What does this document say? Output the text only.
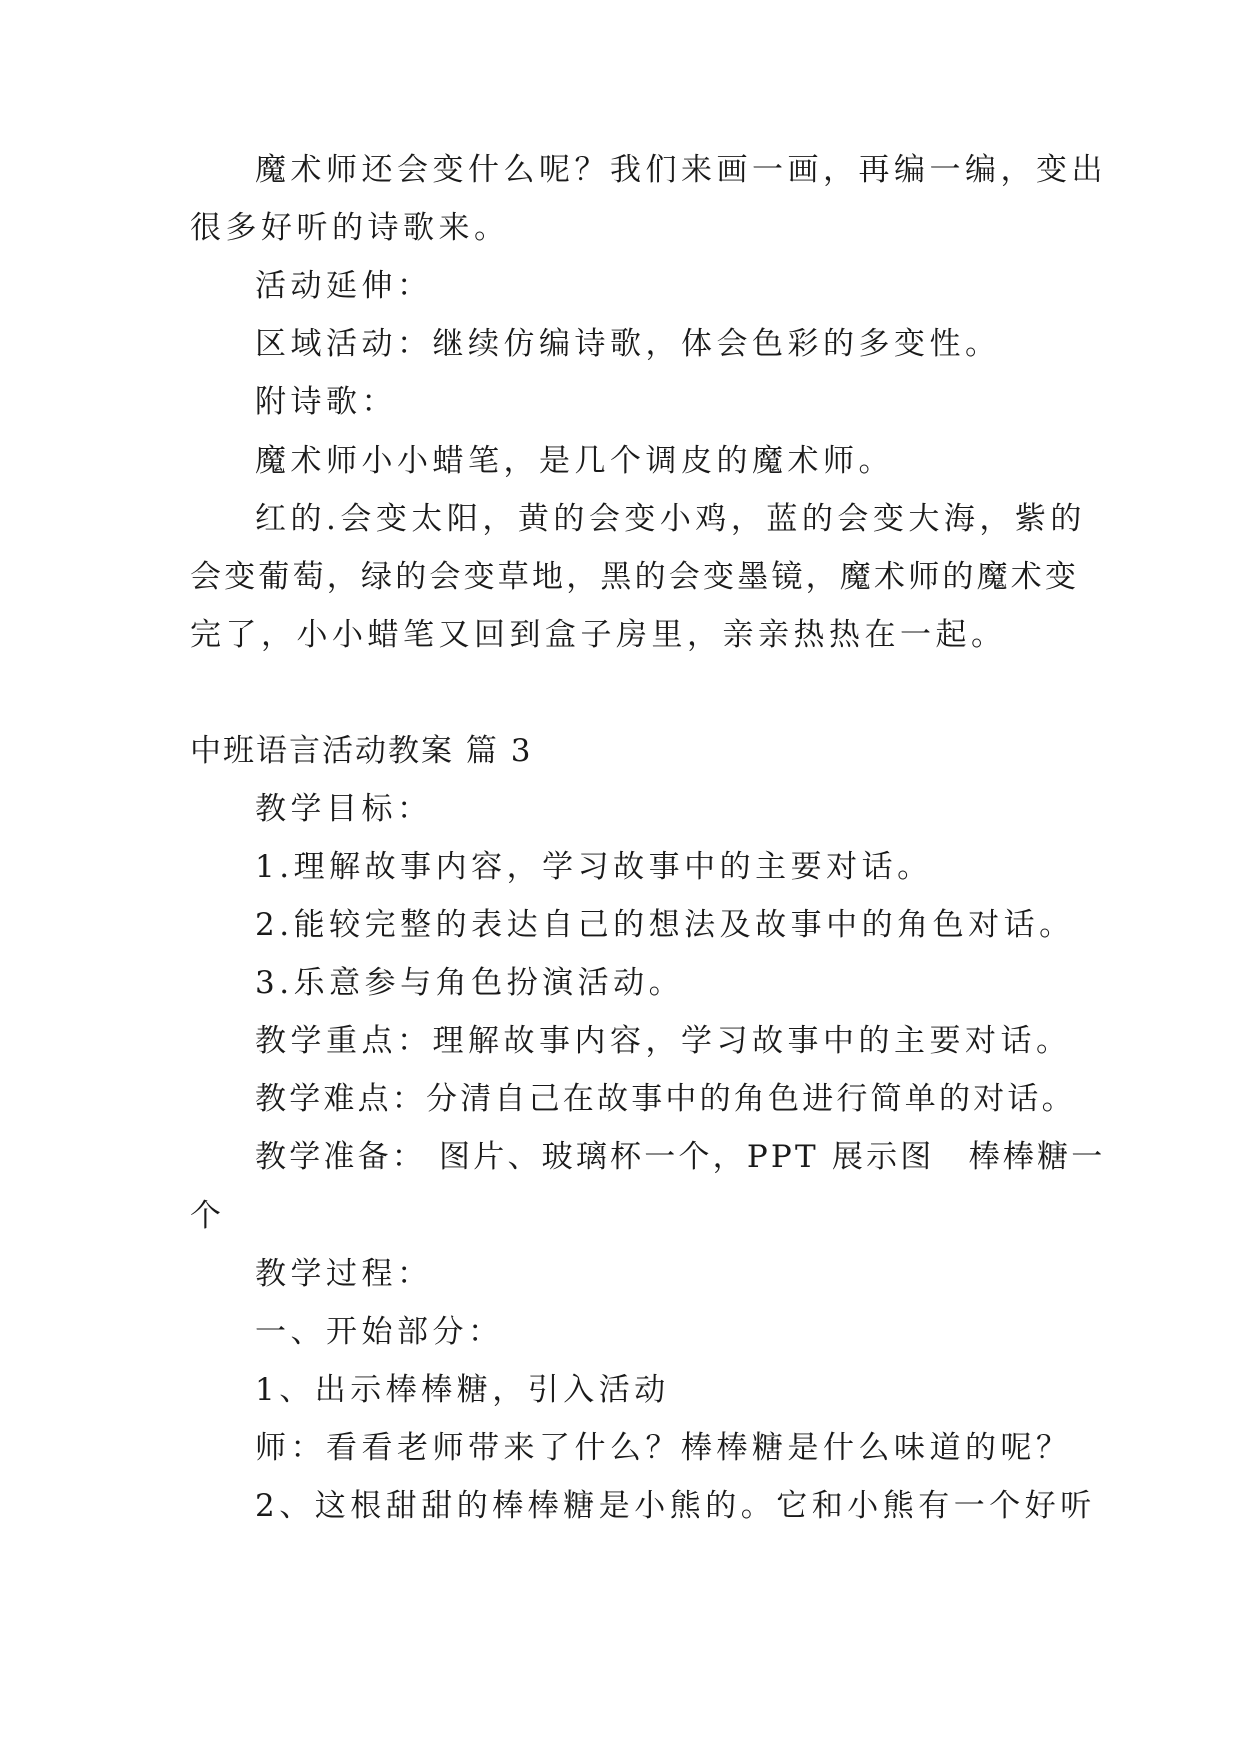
魔术师还会变什么呢？我们来画一画，再编一编，变出
很多好听的诗歌来。
活动延伸：
区域活动：继续仿编诗歌，体会色彩的多变性。
附诗歌：
魔术师小小蜡笔，是几个调皮的魔术师。
红的.会变太阳，黄的会变小鸡，蓝的会变大海，紫的
会变葡萄，绿的会变草地，黑的会变墨镜，魔术师的魔术变
完了，小小蜡笔又回到盒子房里，亲亲热热在一起。
中班语言活动教案 篇 3
教学目标：
1.理解故事内容，学习故事中的主要对话。
2.能较完整的表达自己的想法及故事中的角色对话。
3.乐意参与角色扮演活动。
教学重点：理解故事内容，学习故事中的主要对话。
教学难点：分清自己在故事中的角色进行简单的对话。
教学准备： 图片、玻璃杯一个，PPT 展示图　棒棒糖一
个
教学过程：
一、开始部分：
1、出示棒棒糖，引入活动
师：看看老师带来了什么？棒棒糖是什么味道的呢？
2、这根甜甜的棒棒糖是小熊的。它和小熊有一个好听
